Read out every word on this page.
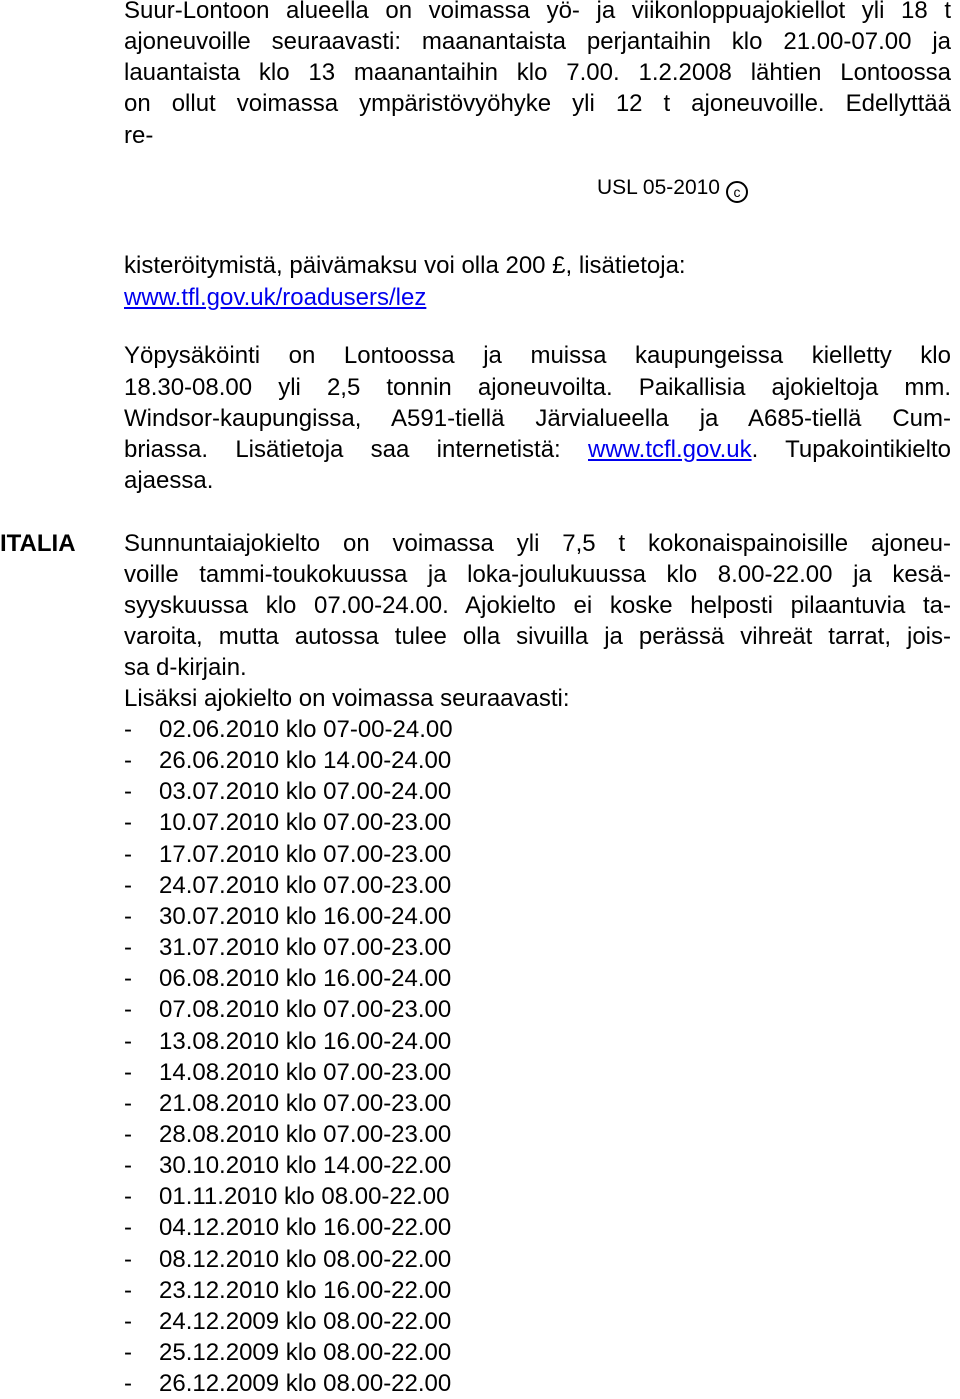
Suur-Lontoon alueella on voimassa yö- ja viikonloppuajokiellot yli 18 t
ajoneuvoille seuraavasti: maanantaista perjantaihin klo 21.00-07.00 ja
lauantaista klo 13 maanantaihin klo 7.00. 1.2.2008 lähtien Lontoossa
on ollut voimassa ympäristövyöhyke yli 12 t ajoneuvoille. Edellyttää
re-
USL 05-2010 c
kisteröitymistä, päivämaksu voi olla 200 £, lisätietoja:
www.tfl.gov.uk/roadusers/lez
Yöpysäköinti on Lontoossa ja muissa kaupungeissa kielletty klo
18.30-08.00 yli 2,5 tonnin ajoneuvoilta. Paikallisia ajokieltoja mm.
Windsor-kaupungissa, A591-tiellä Järvialueella ja A685-tiellä Cum-
briassa. Lisätietoja saa internetistä: www.tcfl.gov.uk. Tupakointikielto
ajaessa.
ITALIA Sunnuntaiajokielto on voimassa yli 7,5 t kokonaispainoisille ajoneu-
voille tammi-toukokuussa ja loka-joulukuussa klo 8.00-22.00 ja kesä-
syyskuussa klo 07.00-24.00. Ajokielto ei koske helposti pilaantuvia ta-
varoita, mutta autossa tulee olla sivuilla ja perässä vihreät tarrat, jois-
sa d-kirjain.
Lisäksi ajokielto on voimassa seuraavasti:
- 02.06.2010 klo 07-00-24.00
- 26.06.2010 klo 14.00-24.00
- 03.07.2010 klo 07.00-24.00
- 10.07.2010 klo 07.00-23.00
- 17.07.2010 klo 07.00-23.00
- 24.07.2010 klo 07.00-23.00
- 30.07.2010 klo 16.00-24.00
- 31.07.2010 klo 07.00-23.00
- 06.08.2010 klo 16.00-24.00
- 07.08.2010 klo 07.00-23.00
- 13.08.2010 klo 16.00-24.00
- 14.08.2010 klo 07.00-23.00
- 21.08.2010 klo 07.00-23.00
- 28.08.2010 klo 07.00-23.00
- 30.10.2010 klo 14.00-22.00
- 01.11.2010 klo 08.00-22.00
- 04.12.2010 klo 16.00-22.00
- 08.12.2010 klo 08.00-22.00
- 23.12.2010 klo 16.00-22.00
- 24.12.2009 klo 08.00-22.00
- 25.12.2009 klo 08.00-22.00
- 26.12.2009 klo 08.00-22.00
